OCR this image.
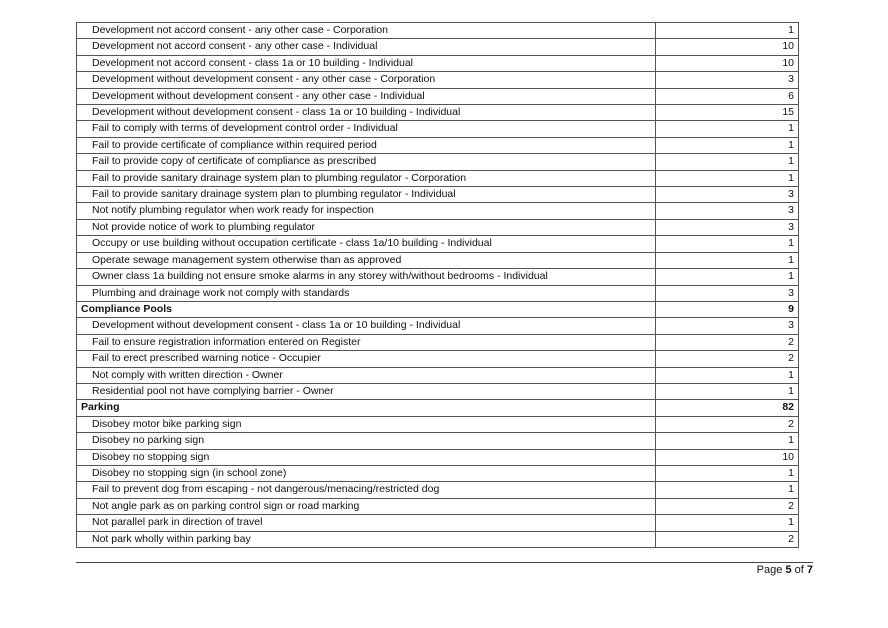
Development not accord consent - any other case - Corporation	1
Development not accord consent - any other case - Individual	10
Development not accord consent - class 1a or 10 building - Individual	10
Development without development consent - any other case - Corporation	3
Development without development consent - any other case - Individual	6
Development without development consent - class 1a or 10 building - Individual	15
Fail to comply with terms of development control order - Individual	1
Fail to provide certificate of compliance within required period	1
Fail to provide copy of certificate of compliance as prescribed	1
Fail to provide sanitary drainage system plan to plumbing regulator - Corporation	1
Fail to provide sanitary drainage system plan to plumbing regulator - Individual	3
Not notify plumbing regulator when work ready for inspection	3
Not provide notice of work to plumbing regulator	3
Occupy or use building without occupation certificate - class 1a/10 building - Individual	1
Operate sewage management system otherwise than as approved	1
Owner class 1a building not ensure smoke alarms in any storey with/without bedrooms - Individual	1
Plumbing and drainage work not comply with standards	3
Compliance Pools	9
Development without development consent - class 1a or 10 building - Individual	3
Fail to ensure registration information entered on Register	2
Fail to erect prescribed warning notice - Occupier	2
Not comply with written direction - Owner	1
Residential pool not have complying barrier - Owner	1
Parking	82
Disobey motor bike parking sign	2
Disobey no parking sign	1
Disobey no stopping sign	10
Disobey no stopping sign (in school zone)	1
Fail to prevent dog from escaping - not dangerous/menacing/restricted dog	1
Not angle park as on parking control sign or road marking	2
Not parallel park in direction of travel	1
Not park wholly within parking bay	2
Page 5 of 7
